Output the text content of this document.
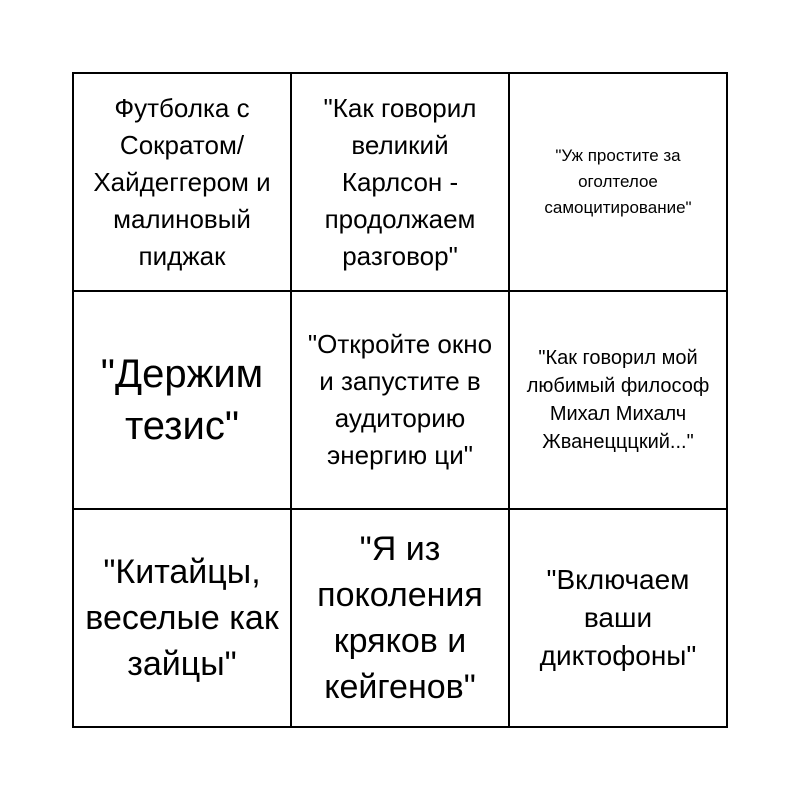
Футболка с Сократом/ Хайдеггером и малиновый пиджак
"Как говорил великий Карлсон - продолжаем разговор"
"Уж простите за оголтелое самоцитирование"
"Держим тезис"
"Откройте окно и запустите в аудиторию энергию ци"
"Как говорил мой любимый философ Михал Михалч Жванецццкий..."
"Китайцы, веселые как зайцы"
"Я из поколения кряков и кейгенов"
"Включаем ваши диктофоны"
